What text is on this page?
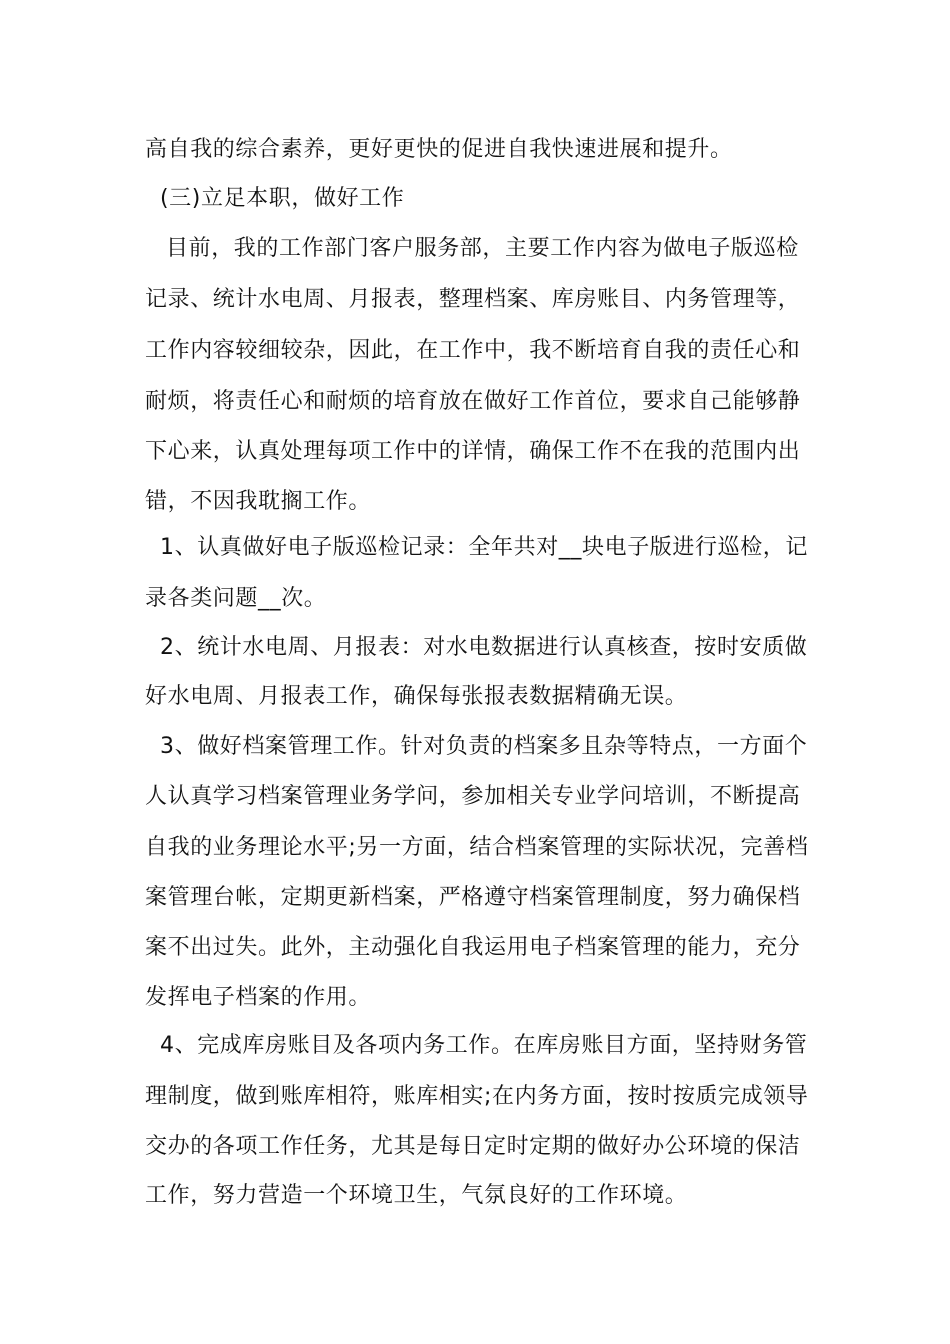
高自我的综合素养，更好更快的促进自我快速进展和提升。
(三)立足本职，做好工作
目前，我的工作部门客户服务部，主要工作内容为做电子版巡检
记录、统计水电周、月报表，整理档案、库房账目、内务管理等，
工作内容较细较杂，因此，在工作中，我不断培育自我的责任心和
耐烦，将责任心和耐烦的培育放在做好工作首位，要求自己能够静
下心来，认真处理每项工作中的详情，确保工作不在我的范围内出
错，不因我耽搁工作。
1、认真做好电子版巡检记录：全年共对__块电子版进行巡检，记
录各类问题__次。
2、统计水电周、月报表：对水电数据进行认真核查，按时安质做
好水电周、月报表工作，确保每张报表数据精确无误。
3、做好档案管理工作。针对负责的档案多且杂等特点，一方面个
人认真学习档案管理业务学问，参加相关专业学问培训，不断提高
自我的业务理论水平;另一方面，结合档案管理的实际状况，完善档
案管理台帐，定期更新档案，严格遵守档案管理制度，努力确保档
案不出过失。此外，主动强化自我运用电子档案管理的能力，充分
发挥电子档案的作用。
4、完成库房账目及各项内务工作。在库房账目方面，坚持财务管
理制度，做到账库相符，账库相实;在内务方面，按时按质完成领导
交办的各项工作任务，尤其是每日定时定期的做好办公环境的保洁
工作，努力营造一个环境卫生，气氛良好的工作环境。
